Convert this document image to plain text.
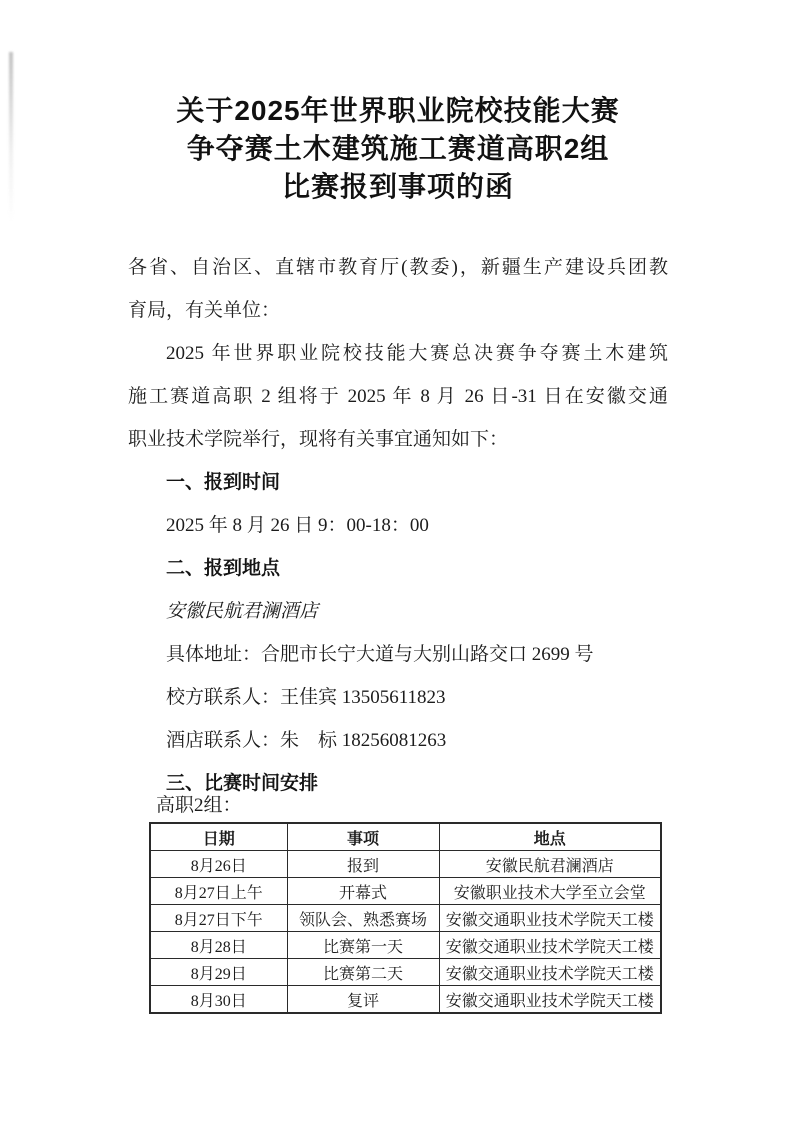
关于2025年世界职业院校技能大赛
争夺赛土木建筑施工赛道高职2组
比赛报到事项的函
各省、自治区、直辖市教育厅(教委)，新疆生产建设兵团教
育局，有关单位：
2025 年世界职业院校技能大赛总决赛争夺赛土木建筑
施工赛道高职 2 组将于 2025 年 8 月 26 日-31 日在安徽交通
职业技术学院举行，现将有关事宜通知如下：
一、报到时间
2025 年 8 月 26 日 9：00-18：00
二、报到地点
安徽民航君澜酒店
具体地址：合肥市长宁大道与大别山路交口 2699 号
校方联系人：王佳宾 13505611823
酒店联系人：朱　标 18256081263
三、比赛时间安排
高职2组：
日期	事项	地点
8月26日	报到	安徽民航君澜酒店
8月27日上午	开幕式	安徽职业技术大学至立会堂
8月27日下午	领队会、熟悉赛场	安徽交通职业技术学院天工楼
8月28日	比赛第一天	安徽交通职业技术学院天工楼
8月29日	比赛第二天	安徽交通职业技术学院天工楼
8月30日	复评	安徽交通职业技术学院天工楼
